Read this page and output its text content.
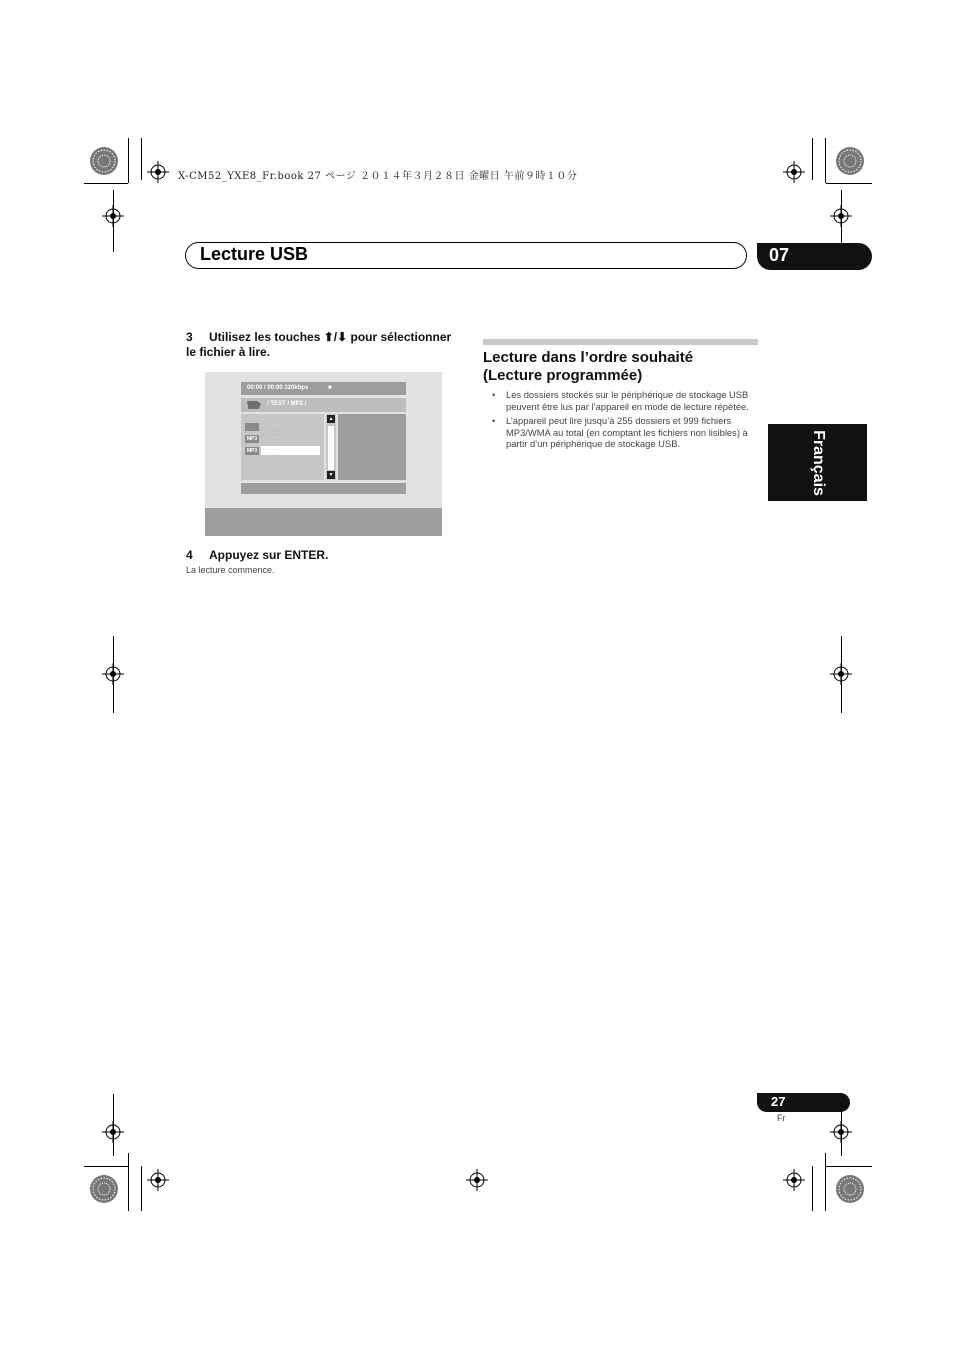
X-CM52_YXE8_Fr.book 27 ページ ２０１４年３月２８日 金曜日 午前９時１０分
Lecture USB	07
Français
3 Utilisez les touches ⬆/⬇ pour sélectionner
le fichier à lire.
00:00 / 00:00 320kbps	■
/ TEST / MP3 /
- - - -
MP3	- - - -
MP3	- - - -
▲
▼
4 Appuyez sur ENTER.
La lecture commence.
Lecture dans l’ordre souhaité
(Lecture programmée)
• Les dossiers stockés sur le périphérique de stockage USB peuvent être lus par l’appareil en mode de lecture répétée.
• L’appareil peut lire jusqu’à 255 dossiers et 999 fichiers MP3/WMA au total (en comptant les fichiers non lisibles) à partir d’un périphérique de stockage USB.
27
Fr
